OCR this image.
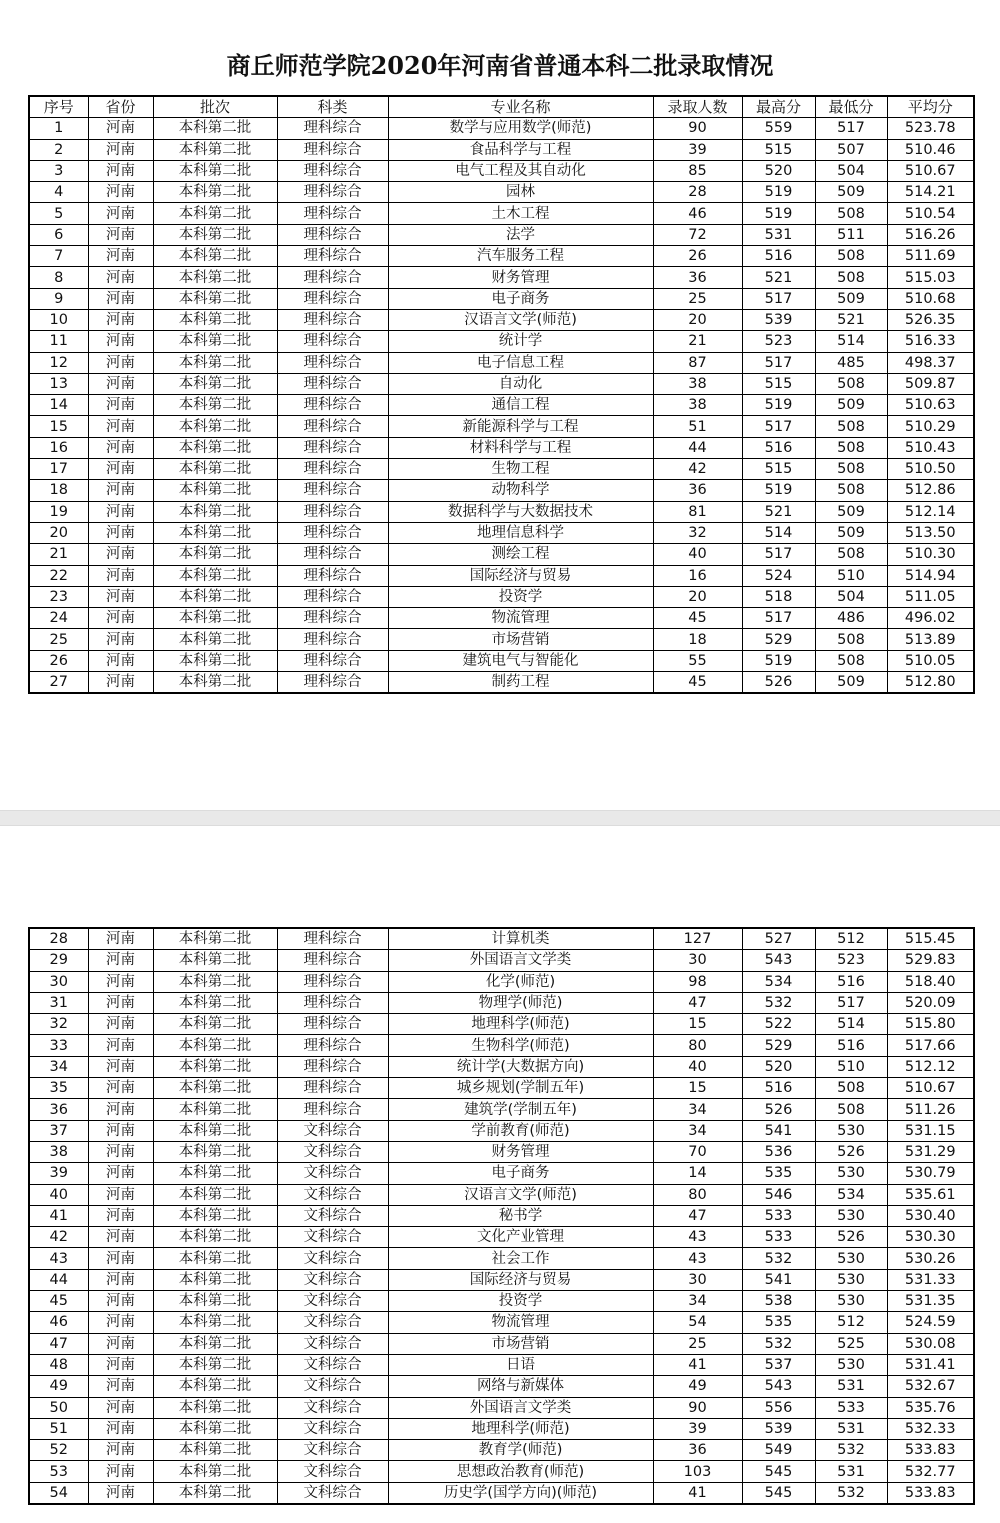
商丘师范学院2020年河南省普通本科二批录取情况
序号	省份	批次	科类	专业名称	录取人数	最高分	最低分	平均分
1	河南	本科第二批	理科综合	数学与应用数学(师范)	90	559	517	523.78
2	河南	本科第二批	理科综合	食品科学与工程	39	515	507	510.46
3	河南	本科第二批	理科综合	电气工程及其自动化	85	520	504	510.67
4	河南	本科第二批	理科综合	园林	28	519	509	514.21
5	河南	本科第二批	理科综合	土木工程	46	519	508	510.54
6	河南	本科第二批	理科综合	法学	72	531	511	516.26
7	河南	本科第二批	理科综合	汽车服务工程	26	516	508	511.69
8	河南	本科第二批	理科综合	财务管理	36	521	508	515.03
9	河南	本科第二批	理科综合	电子商务	25	517	509	510.68
10	河南	本科第二批	理科综合	汉语言文学(师范)	20	539	521	526.35
11	河南	本科第二批	理科综合	统计学	21	523	514	516.33
12	河南	本科第二批	理科综合	电子信息工程	87	517	485	498.37
13	河南	本科第二批	理科综合	自动化	38	515	508	509.87
14	河南	本科第二批	理科综合	通信工程	38	519	509	510.63
15	河南	本科第二批	理科综合	新能源科学与工程	51	517	508	510.29
16	河南	本科第二批	理科综合	材料科学与工程	44	516	508	510.43
17	河南	本科第二批	理科综合	生物工程	42	515	508	510.50
18	河南	本科第二批	理科综合	动物科学	36	519	508	512.86
19	河南	本科第二批	理科综合	数据科学与大数据技术	81	521	509	512.14
20	河南	本科第二批	理科综合	地理信息科学	32	514	509	513.50
21	河南	本科第二批	理科综合	测绘工程	40	517	508	510.30
22	河南	本科第二批	理科综合	国际经济与贸易	16	524	510	514.94
23	河南	本科第二批	理科综合	投资学	20	518	504	511.05
24	河南	本科第二批	理科综合	物流管理	45	517	486	496.02
25	河南	本科第二批	理科综合	市场营销	18	529	508	513.89
26	河南	本科第二批	理科综合	建筑电气与智能化	55	519	508	510.05
27	河南	本科第二批	理科综合	制药工程	45	526	509	512.80
28	河南	本科第二批	理科综合	计算机类	127	527	512	515.45
29	河南	本科第二批	理科综合	外国语言文学类	30	543	523	529.83
30	河南	本科第二批	理科综合	化学(师范)	98	534	516	518.40
31	河南	本科第二批	理科综合	物理学(师范)	47	532	517	520.09
32	河南	本科第二批	理科综合	地理科学(师范)	15	522	514	515.80
33	河南	本科第二批	理科综合	生物科学(师范)	80	529	516	517.66
34	河南	本科第二批	理科综合	统计学(大数据方向)	40	520	510	512.12
35	河南	本科第二批	理科综合	城乡规划(学制五年)	15	516	508	510.67
36	河南	本科第二批	理科综合	建筑学(学制五年)	34	526	508	511.26
37	河南	本科第二批	文科综合	学前教育(师范)	34	541	530	531.15
38	河南	本科第二批	文科综合	财务管理	70	536	526	531.29
39	河南	本科第二批	文科综合	电子商务	14	535	530	530.79
40	河南	本科第二批	文科综合	汉语言文学(师范)	80	546	534	535.61
41	河南	本科第二批	文科综合	秘书学	47	533	530	530.40
42	河南	本科第二批	文科综合	文化产业管理	43	533	526	530.30
43	河南	本科第二批	文科综合	社会工作	43	532	530	530.26
44	河南	本科第二批	文科综合	国际经济与贸易	30	541	530	531.33
45	河南	本科第二批	文科综合	投资学	34	538	530	531.35
46	河南	本科第二批	文科综合	物流管理	54	535	512	524.59
47	河南	本科第二批	文科综合	市场营销	25	532	525	530.08
48	河南	本科第二批	文科综合	日语	41	537	530	531.41
49	河南	本科第二批	文科综合	网络与新媒体	49	543	531	532.67
50	河南	本科第二批	文科综合	外国语言文学类	90	556	533	535.76
51	河南	本科第二批	文科综合	地理科学(师范)	39	539	531	532.33
52	河南	本科第二批	文科综合	教育学(师范)	36	549	532	533.83
53	河南	本科第二批	文科综合	思想政治教育(师范)	103	545	531	532.77
54	河南	本科第二批	文科综合	历史学(国学方向)(师范)	41	545	532	533.83
